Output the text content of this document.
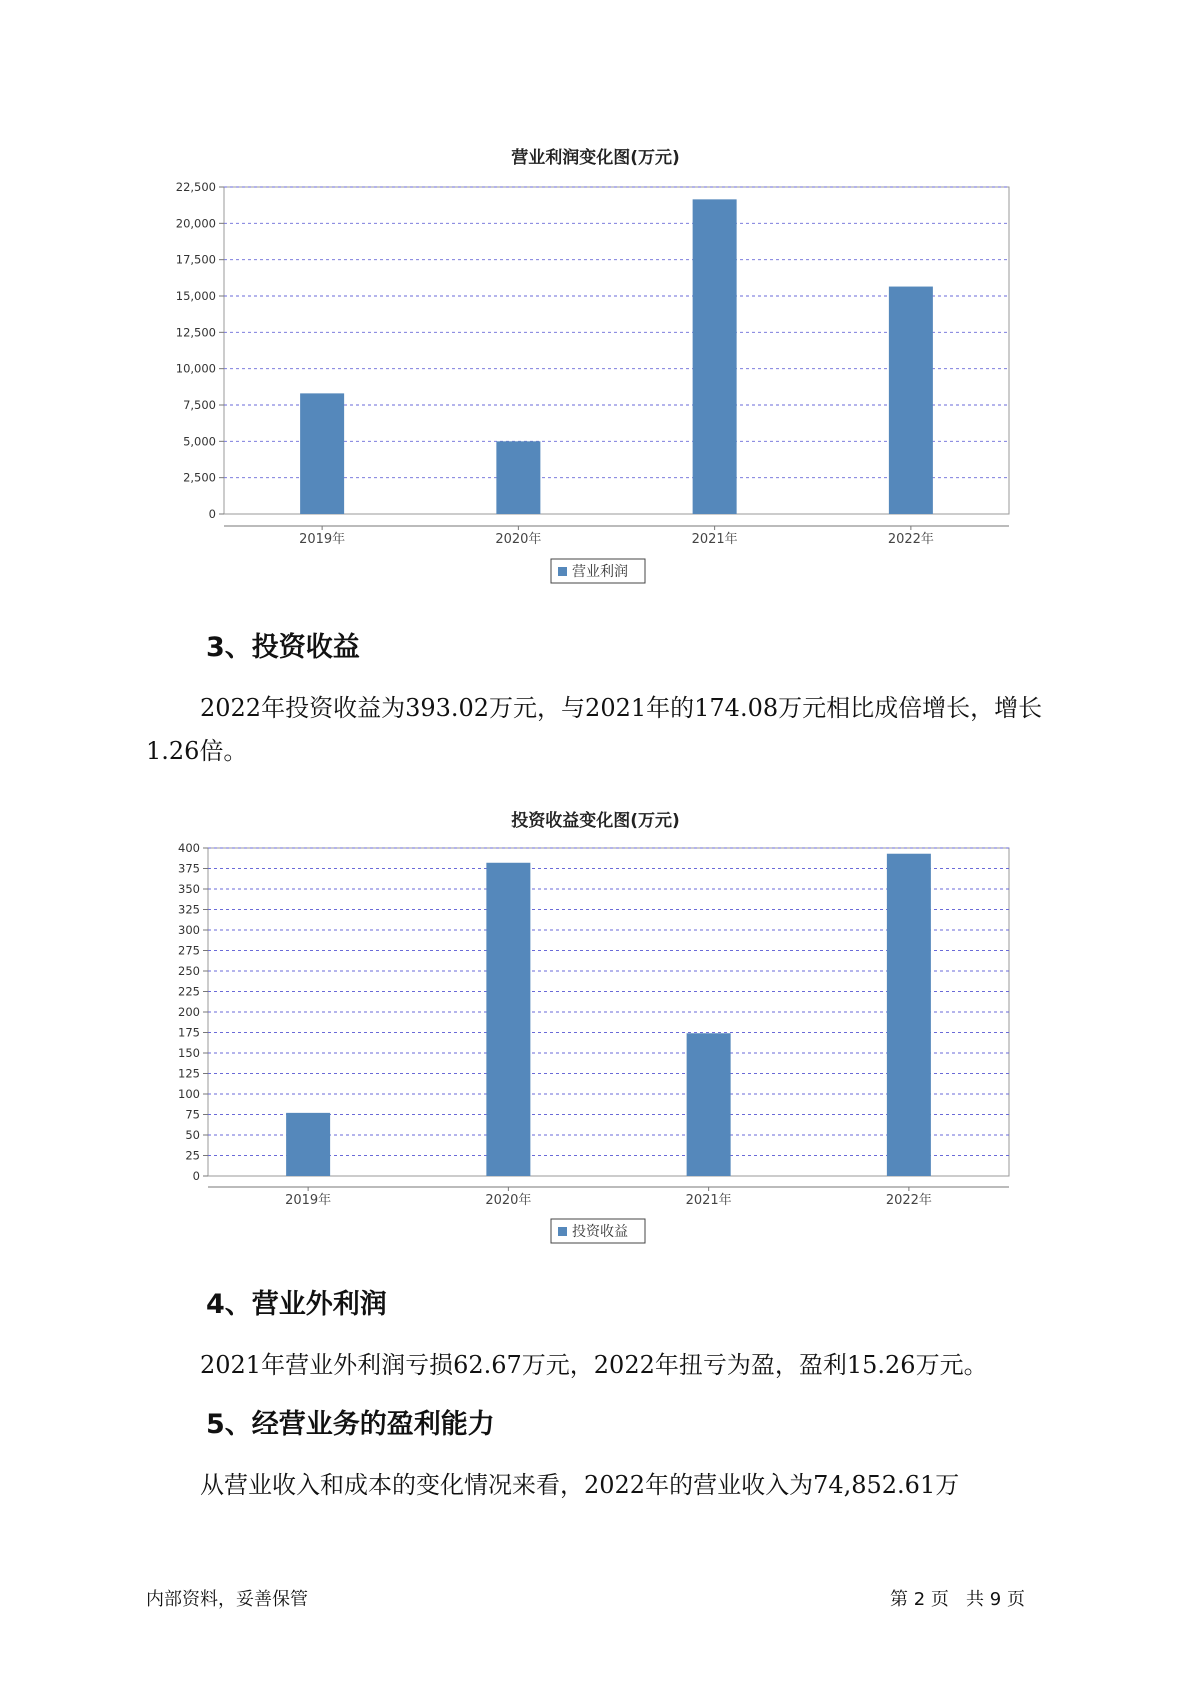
营业利润变化图(万元)
0
2,500
5,000
7,500
10,000
12,500
15,000
17,500
20,000
22,500
2019年	2020年	2021年	2022年
营业利润
3、投资收益
2022年投资收益为393.02万元，与2021年的174.08万元相比成倍增长，增长1.26倍。
投资收益变化图(万元)
0
25
50
75
100
125
150
175
200
225
250
275
300
325
350
375
400
2019年	2020年	2021年	2022年
投资收益
4、营业外利润
2021年营业外利润亏损62.67万元，2022年扭亏为盈，盈利15.26万元。
5、经营业务的盈利能力
从营业收入和成本的变化情况来看，2022年的营业收入为74,852.61万
内部资料，妥善保管	第 2 页   共 9 页
